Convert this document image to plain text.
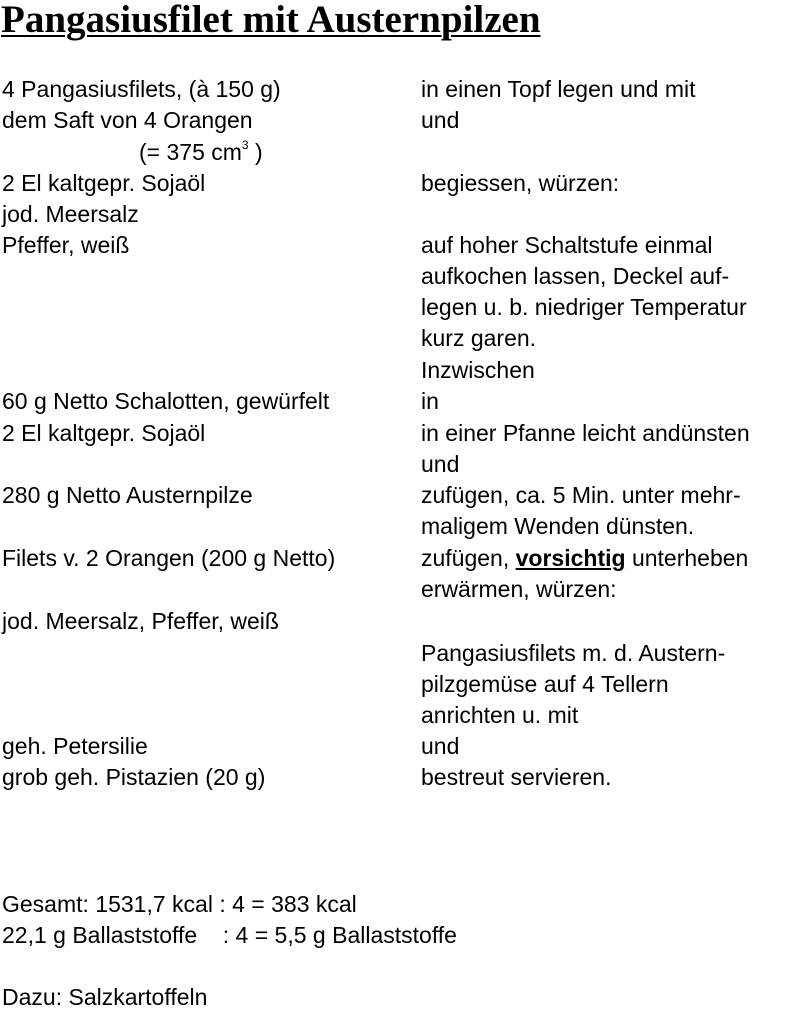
Pangasiusfilet mit Austernpilzen
4 Pangasiusfilets, (à 150 g)	in einen Topf legen und mit
dem Saft von 4 Orangen	und
(= 375 $cm^3$ )
2 El kaltgepr. Sojaöl	begiessen, würzen:
jod. Meersalz
Pfeffer, weiß	auf hoher Schaltstufe einmal
aufkochen lassen, Deckel auf-
legen u. b. niedriger Temperatur
kurz garen.
Inzwischen
60 g Netto Schalotten, gewürfelt	in
2 El kaltgepr. Sojaöl	in einer Pfanne leicht andünsten
und
280 g Netto Austernpilze	zufügen, ca. 5 Min. unter mehr-
maligem Wenden dünsten.
Filets v. 2 Orangen (200 g Netto)	zufügen, vorsichtig unterheben
erwärmen, würzen:
jod. Meersalz, Pfeffer, weiß
Pangasiusfilets m. d. Austern-
pilzgemüse auf 4 Tellern
anrichten u. mit
geh. Petersilie	und
grob geh. Pistazien (20 g)	bestreut servieren.
Gesamt: 1531,7 kcal : 4 = 383 kcal
22,1 g Ballaststoffe    : 4 = 5,5 g Ballaststoffe
Dazu: Salzkartoffeln
